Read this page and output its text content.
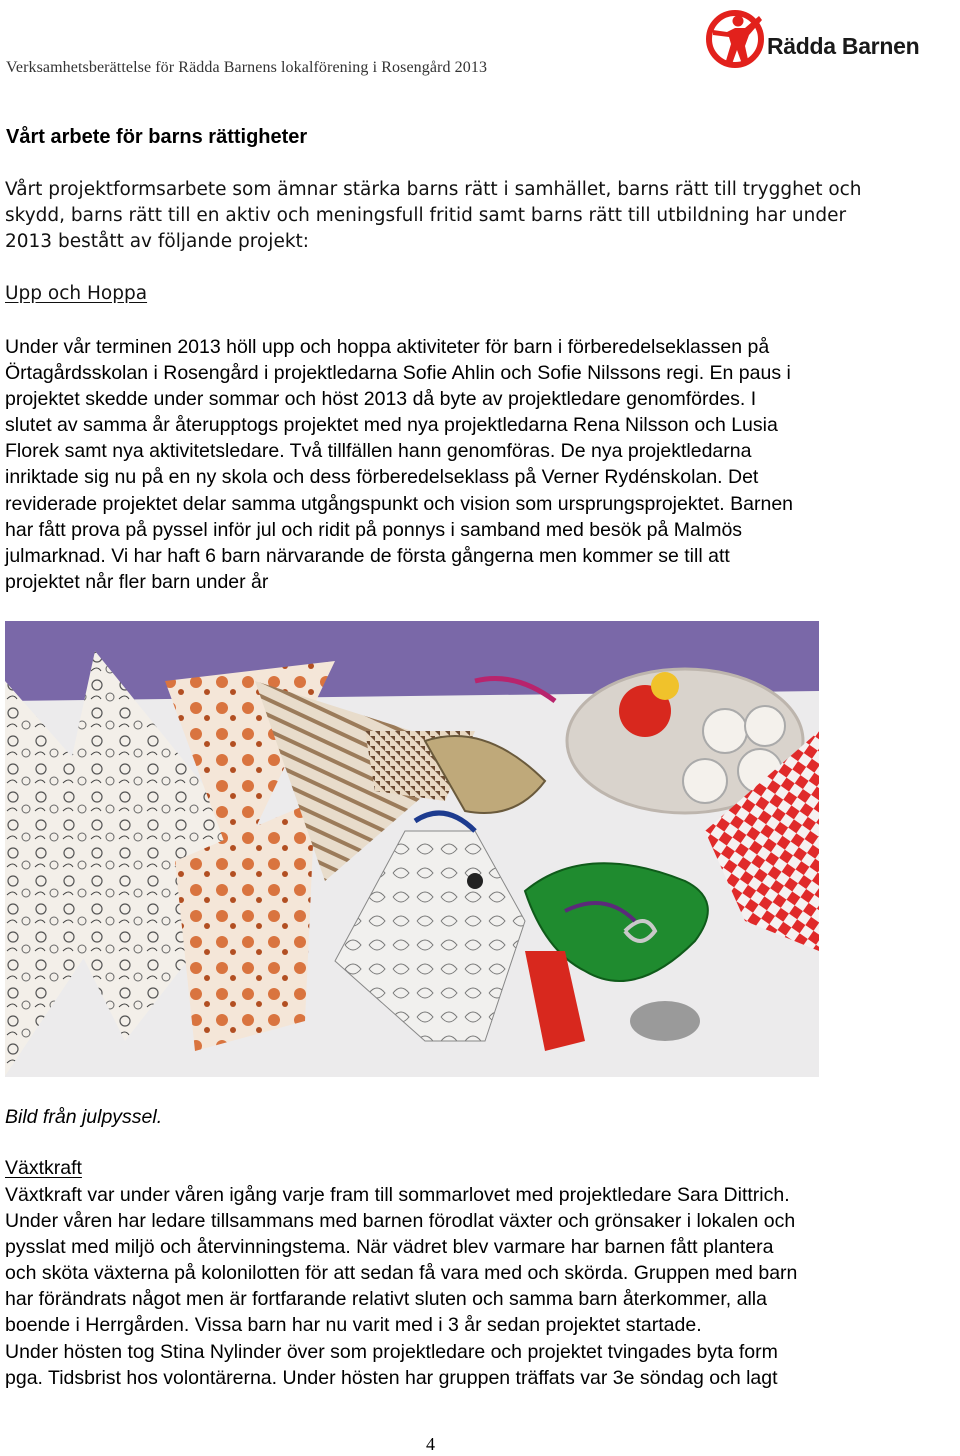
Verksamhetsberättelse för Rädda Barnens lokalförening i Rosengård 2013
Rädda Barnen
Vårt arbete för barns rättigheter
Vårt projektformsarbete som ämnar stärka barns rätt i samhället, barns rätt till trygghet och
skydd, barns rätt till en aktiv och meningsfull fritid samt barns rätt till utbildning har under
2013 bestått av följande projekt:
Upp och Hoppa
Under vår terminen 2013 höll upp och hoppa aktiviteter för barn i förberedelseklassen på
Örtagårdsskolan i Rosengård i projektledarna Sofie Ahlin och Sofie Nilssons regi. En paus i
projektet skedde under sommar och höst 2013 då byte av projektledare genomfördes. I
slutet av samma år återupptogs projektet med nya projektledarna Rena Nilsson och Lusia
Florek samt nya aktivitetsledare. Två tillfällen hann genomföras. De nya projektledarna
inriktade sig nu på en ny skola och dess förberedelseklass på Verner Rydénskolan. Det
reviderade projektet delar samma utgångspunkt och vision som ursprungsprojektet. Barnen
har fått prova på pyssel inför jul och ridit på ponnys i samband med besök på Malmös
julmarknad. Vi har haft 6 barn närvarande de första gångerna men kommer se till att
projektet når fler barn under år
Bild från julpyssel.
Växtkraft
Växtkraft var under våren igång varje fram till sommarlovet med projektledare Sara Dittrich.
Under våren har ledare tillsammans med barnen förodlat växter och grönsaker i lokalen och
pysslat med miljö och återvinningstema. När vädret blev varmare har barnen fått plantera
och sköta växterna på kolonilotten för att sedan få vara med och skörda. Gruppen med barn
har förändrats något men är fortfarande relativt sluten och samma barn återkommer, alla
boende i Herrgården. Vissa barn har nu varit med i 3 år sedan projektet startade.
Under hösten tog Stina Nylinder över som projektledare och projektet tvingades byta form
pga. Tidsbrist hos volontärerna. Under hösten har gruppen träffats var 3e söndag och lagt
4
